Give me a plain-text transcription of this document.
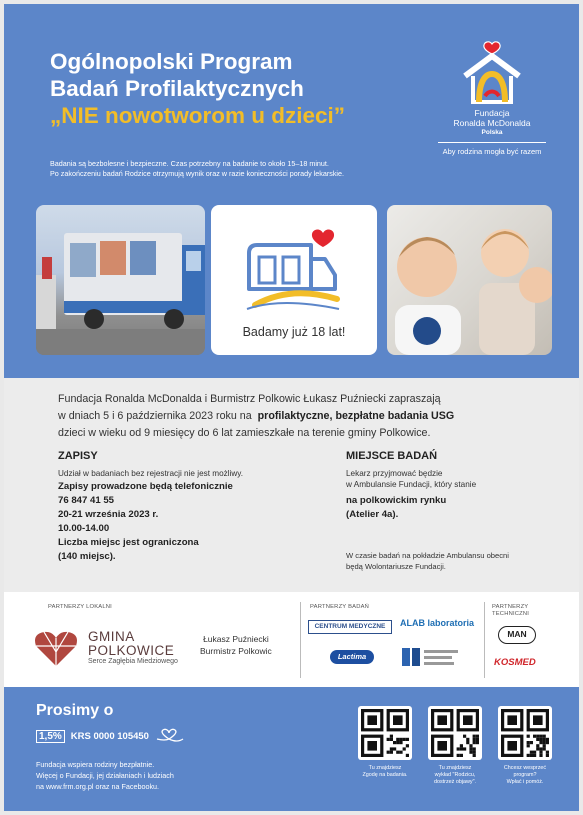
Ogólnopolski Program
Badań Profilaktycznych
„NIE nowotworom u dzieci”
Badania są bezbolesne i bezpieczne. Czas potrzebny na badanie to około 15–18 minut.
Po zakończeniu badań Rodzice otrzymują wynik oraz w razie konieczności porady lekarskie.
Fundacja
Ronalda McDonalda
Polska
Aby rodzina mogła być razem
Badamy już 18 lat!
Fundacja Ronalda McDonalda i Burmistrz Polkowic Łukasz Puźniecki zapraszają
w dniach 5 i 6 października 2023 roku na profilaktyczne, bezpłatne badania USG
dzieci w wieku od 9 miesięcy do 6 lat zamieszkałe na terenie gminy Polkowice.
ZAPISY
Udział w badaniach bez rejestracji nie jest możliwy.
Zapisy prowadzone będą telefonicznie
76 847 41 55
20-21 września 2023 r.
10.00-14.00
Liczba miejsc jest ograniczona
(140 miejsc).
MIEJSCE BADAŃ
Lekarz przyjmować będzie
w Ambulansie Fundacji, który stanie
na polkowickim rynku
(Atelier 4a).
W czasie badań na pokładzie Ambulansu obecni
będą Wolontariusze Fundacji.
PARTNERZY LOKALNI
GMINA
POLKOWICE
Serce Zagłębia Miedziowego
Łukasz Puźniecki
Burmistrz Polkowic
PARTNERZY BADAŃ
CENTRUM MEDYCZNE	ALAB laboratoria
Lactima
PARTNERZY
TECHNICZNI
MAN
KOSMED
Prosimy o
1,5% KRS 0000 105450
Fundacja wspiera rodziny bezpłatnie.
Więcej o Fundacji, jej działaniach i ludziach
na www.frm.org.pl oraz na Facebooku.
Tu znajdziesz
Zgodę na badania.
Tu znajdziesz
wykład "Rodzicu,
dostrzeż objawy".
Chcesz wesprzeć
program?
Wpłać i pomóż.
